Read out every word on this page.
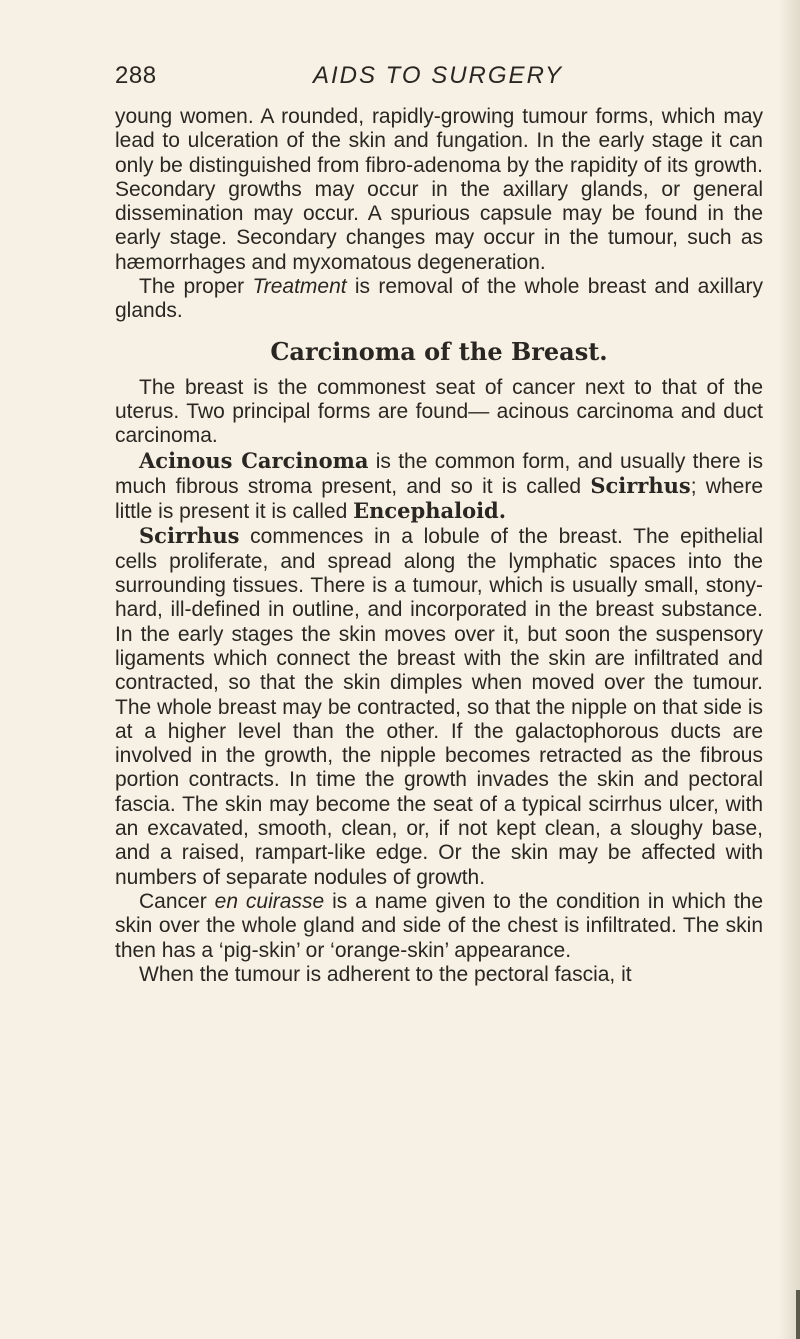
288	AIDS TO SURGERY

young women. A rounded, rapidly-growing tumour forms, which may lead to ulceration of the skin and fungation. In the early stage it can only be distinguished from fibro-adenoma by the rapidity of its growth. Secondary growths may occur in the axillary glands, or general dissemination may occur. A spurious capsule may be found in the early stage. Secondary changes may occur in the tumour, such as hæmorrhages and myxomatous degeneration.

The proper Treatment is removal of the whole breast and axillary glands.

Carcinoma of the Breast.

The breast is the commonest seat of cancer next to that of the uterus. Two principal forms are found— acinous carcinoma and duct carcinoma.

Acinous Carcinoma is the common form, and usually there is much fibrous stroma present, and so it is called Scirrhus; where little is present it is called Encephaloid.

Scirrhus commences in a lobule of the breast. The epithelial cells proliferate, and spread along the lymphatic spaces into the surrounding tissues. There is a tumour, which is usually small, stony-hard, ill-defined in outline, and incorporated in the breast substance. In the early stages the skin moves over it, but soon the suspensory ligaments which connect the breast with the skin are infiltrated and contracted, so that the skin dimples when moved over the tumour. The whole breast may be contracted, so that the nipple on that side is at a higher level than the other. If the galactophorous ducts are involved in the growth, the nipple becomes retracted as the fibrous portion contracts. In time the growth invades the skin and pectoral fascia. The skin may become the seat of a typical scirrhus ulcer, with an excavated, smooth, clean, or, if not kept clean, a sloughy base, and a raised, rampart-like edge. Or the skin may be affected with numbers of separate nodules of growth.

Cancer en cuirasse is a name given to the condition in which the skin over the whole gland and side of the chest is infiltrated. The skin then has a ‘pig-skin’ or ‘orange-skin’ appearance.

When the tumour is adherent to the pectoral fascia, it
